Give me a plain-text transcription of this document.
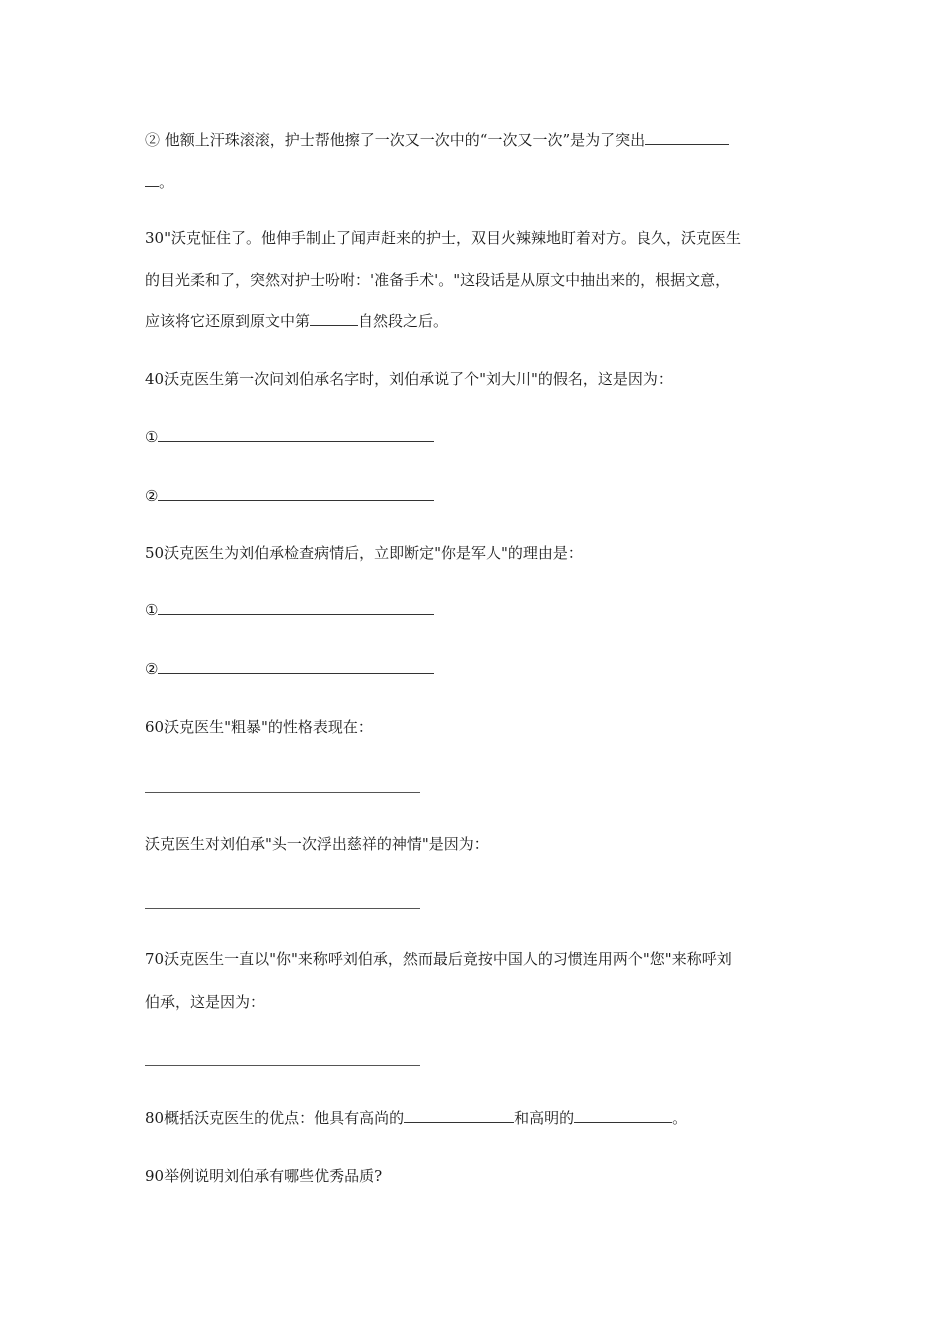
② 他额上汗珠滚滚，护士帮他擦了一次又一次中的“一次又一次”是为了突出
。
30"沃克怔住了。他伸手制止了闻声赶来的护士，双目火辣辣地盯着对方。良久，沃克医生
的目光柔和了，突然对护士吩咐：'准备手术'。"这段话是从原文中抽出来的，根据文意，
应该将它还原到原文中第	自然段之后。
40沃克医生第一次问刘伯承名字时，刘伯承说了个"刘大川"的假名，这是因为：
①
②
50沃克医生为刘伯承检查病情后，立即断定"你是军人"的理由是：
①
②
60沃克医生"粗暴"的性格表现在：
沃克医生对刘伯承"头一次浮出慈祥的神情"是因为：
70沃克医生一直以"你"来称呼刘伯承，然而最后竟按中国人的习惯连用两个"您"来称呼刘
伯承，这是因为：
80概括沃克医生的优点：他具有高尚的	和高明的	。
90举例说明刘伯承有哪些优秀品质?
